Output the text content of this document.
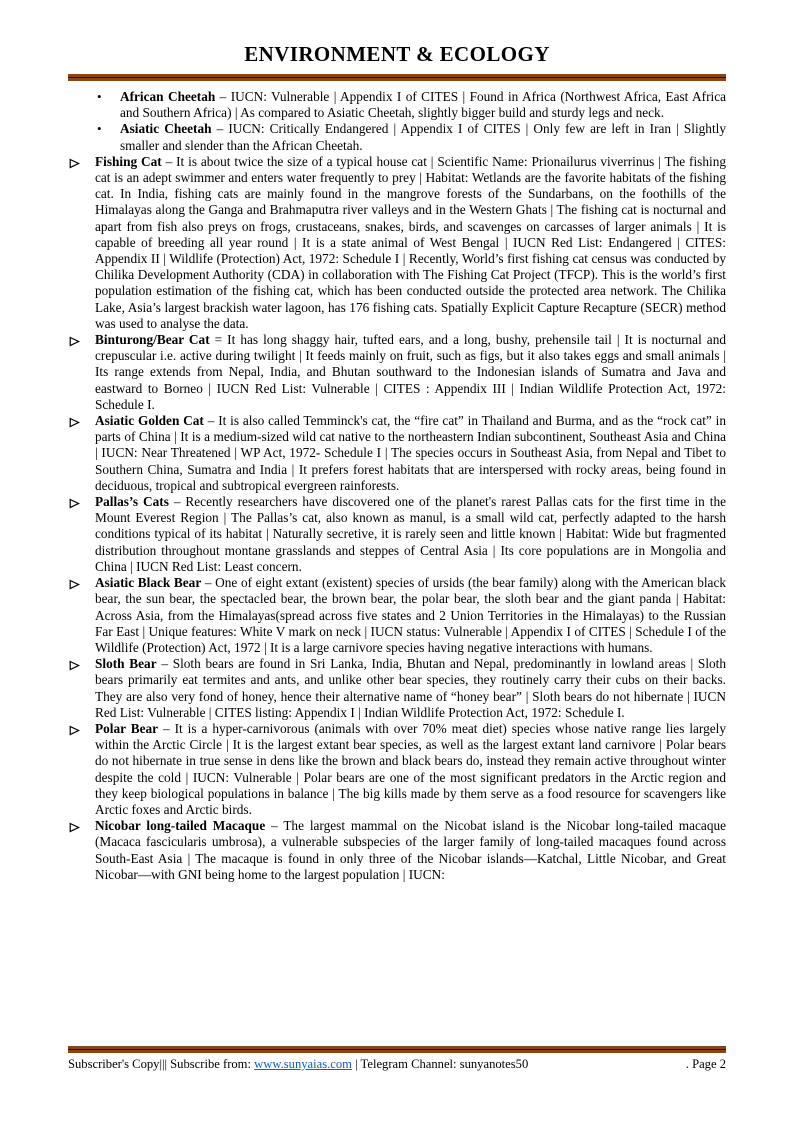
ENVIRONMENT & ECOLOGY
• African Cheetah – IUCN: Vulnerable | Appendix I of CITES | Found in Africa (Northwest Africa, East Africa and Southern Africa) | As compared to Asiatic Cheetah, slightly bigger build and sturdy legs and neck.

• Asiatic Cheetah – IUCN: Critically Endangered | Appendix I of CITES | Only few are left in Iran | Slightly smaller and slender than the African Cheetah.

Fishing Cat – It is about twice the size of a typical house cat | Scientific Name: Prionailurus viverrinus | The fishing cat is an adept swimmer and enters water frequently to prey | Habitat: Wetlands are the favorite habitats of the fishing cat. In India, fishing cats are mainly found in the mangrove forests of the Sundarbans, on the foothills of the Himalayas along the Ganga and Brahmaputra river valleys and in the Western Ghats | The fishing cat is nocturnal and apart from fish also preys on frogs, crustaceans, snakes, birds, and scavenges on carcasses of larger animals | It is capable of breeding all year round | It is a state animal of West Bengal | IUCN Red List: Endangered | CITES: Appendix II | Wildlife (Protection) Act, 1972: Schedule I | Recently, World’s first fishing cat census was conducted by Chilika Development Authority (CDA) in collaboration with The Fishing Cat Project (TFCP). This is the world’s first population estimation of the fishing cat, which has been conducted outside the protected area network. The Chilika Lake, Asia’s largest brackish water lagoon, has 176 fishing cats. Spatially Explicit Capture Recapture (SECR) method was used to analyse the data.

Binturong/Bear Cat = It has long shaggy hair, tufted ears, and a long, bushy, prehensile tail | It is nocturnal and crepuscular i.e. active during twilight | It feeds mainly on fruit, such as figs, but it also takes eggs and small animals | Its range extends from Nepal, India, and Bhutan southward to the Indonesian islands of Sumatra and Java and eastward to Borneo | IUCN Red List: Vulnerable | CITES : Appendix III | Indian Wildlife Protection Act, 1972: Schedule I.

Asiatic Golden Cat – It is also called Temminck's cat, the “fire cat” in Thailand and Burma, and as the “rock cat” in parts of China | It is a medium-sized wild cat native to the northeastern Indian subcontinent, Southeast Asia and China | IUCN: Near Threatened | WP Act, 1972- Schedule I | The species occurs in Southeast Asia, from Nepal and Tibet to Southern China, Sumatra and India | It prefers forest habitats that are interspersed with rocky areas, being found in deciduous, tropical and subtropical evergreen rainforests.

Pallas’s Cats – Recently researchers have discovered one of the planet's rarest Pallas cats for the first time in the Mount Everest Region | The Pallas’s cat, also known as manul, is a small wild cat, perfectly adapted to the harsh conditions typical of its habitat | Naturally secretive, it is rarely seen and little known | Habitat: Wide but fragmented distribution throughout montane grasslands and steppes of Central Asia | Its core populations are in Mongolia and China | IUCN Red List: Least concern.

Asiatic Black Bear – One of eight extant (existent) species of ursids (the bear family) along with the American black bear, the sun bear, the spectacled bear, the brown bear, the polar bear, the sloth bear and the giant panda | Habitat: Across Asia, from the Himalayas(spread across five states and 2 Union Territories in the Himalayas) to the Russian Far East | Unique features: White V mark on neck | IUCN status: Vulnerable | Appendix I of CITES | Schedule I of the Wildlife (Protection) Act, 1972 | It is a large carnivore species having negative interactions with humans.

Sloth Bear – Sloth bears are found in Sri Lanka, India, Bhutan and Nepal, predominantly in lowland areas | Sloth bears primarily eat termites and ants, and unlike other bear species, they routinely carry their cubs on their backs. They are also very fond of honey, hence their alternative name of “honey bear” | Sloth bears do not hibernate | IUCN Red List: Vulnerable | CITES listing: Appendix I | Indian Wildlife Protection Act, 1972: Schedule I.

Polar Bear – It is a hyper-carnivorous (animals with over 70% meat diet) species whose native range lies largely within the Arctic Circle | It is the largest extant bear species, as well as the largest extant land carnivore | Polar bears do not hibernate in true sense in dens like the brown and black bears do, instead they remain active throughout winter despite the cold | IUCN: Vulnerable | Polar bears are one of the most significant predators in the Arctic region and they keep biological populations in balance | The big kills made by them serve as a food resource for scavengers like Arctic foxes and Arctic birds.

Nicobar long-tailed Macaque – The largest mammal on the Nicobat island is the Nicobar long-tailed macaque (Macaca fascicularis umbrosa), a vulnerable subspecies of the larger family of long-tailed macaques found across South-East Asia | The macaque is found in only three of the Nicobar islands—Katchal, Little Nicobar, and Great Nicobar—with GNI being home to the largest population | IUCN:

Subscriber's Copy||| Subscribe from: www.sunyaias.com | Telegram Channel: sunyanotes50	. Page 2
